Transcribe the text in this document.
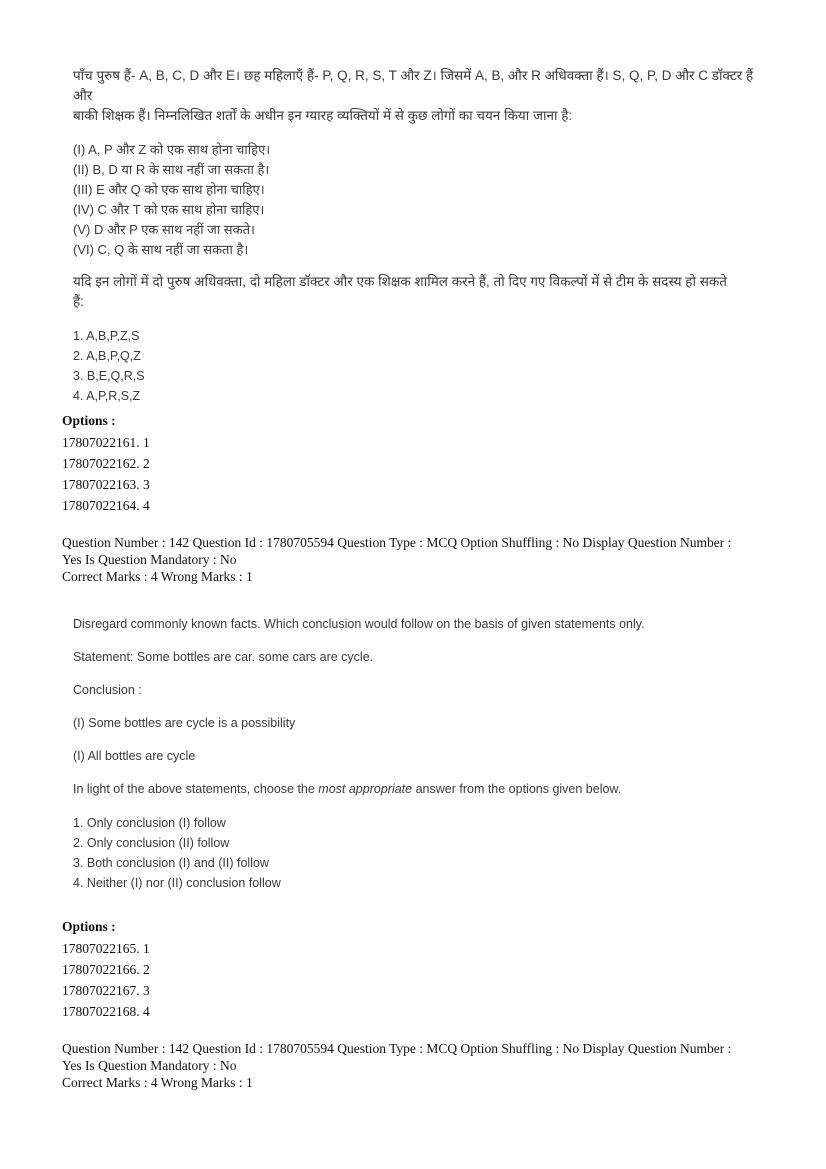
पाँच पुरुष हैं- A, B, C, D और E। छह महिलाएँ हैं- P, Q, R, S, T और Z। जिसमें A, B, और R अधिवक्ता हैं। S, Q, P, D और C डॉक्टर हैं और

बाकी शिक्षक हैं। निम्नलिखित शर्तों के अधीन इन ग्यारह व्यक्तियों में से कुछ लोगों का चयन किया जाना है:

(I) A, P और Z को एक साथ होना चाहिए।
(II) B, D या R के साथ नहीं जा सकता है।
(III) E और Q को एक साथ होना चाहिए।
(IV) C और T को एक साथ होना चाहिए।
(V) D और P एक साथ नहीं जा सकते।
(VI) C, Q के साथ नहीं जा सकता है।

यदि इन लोगों में दो पुरुष अधिवक्ता, दो महिला डॉक्टर और एक शिक्षक शामिल करने हैं, तो दिए गए विकल्पों में से टीम के सदस्य हो सकते

हैं:

1. A,B,P,Z,S
2. A,B,P,Q,Z
3. B,E,Q,R,S
4. A,P,R,S,Z
Options :
17807022161. 1
17807022162. 2
17807022163. 3
17807022164. 4
Question Number : 142 Question Id : 1780705594 Question Type : MCQ Option Shuffling : No Display Question Number :
Yes Is Question Mandatory : No
Correct Marks : 4 Wrong Marks : 1
Disregard commonly known facts. Which conclusion would follow on the basis of given statements only.
Statement: Some bottles are car. some cars are cycle.
Conclusion :
(I) Some bottles are cycle is a possibility
(I) All bottles are cycle
In light of the above statements, choose the most appropriate answer from the options given below.
1. Only conclusion (I) follow
2. Only conclusion (II) follow
3. Both conclusion (I) and (II) follow
4. Neither (I) nor (II) conclusion follow
Options :
17807022165. 1
17807022166. 2
17807022167. 3
17807022168. 4
Question Number : 142 Question Id : 1780705594 Question Type : MCQ Option Shuffling : No Display Question Number :
Yes Is Question Mandatory : No
Correct Marks : 4 Wrong Marks : 1
